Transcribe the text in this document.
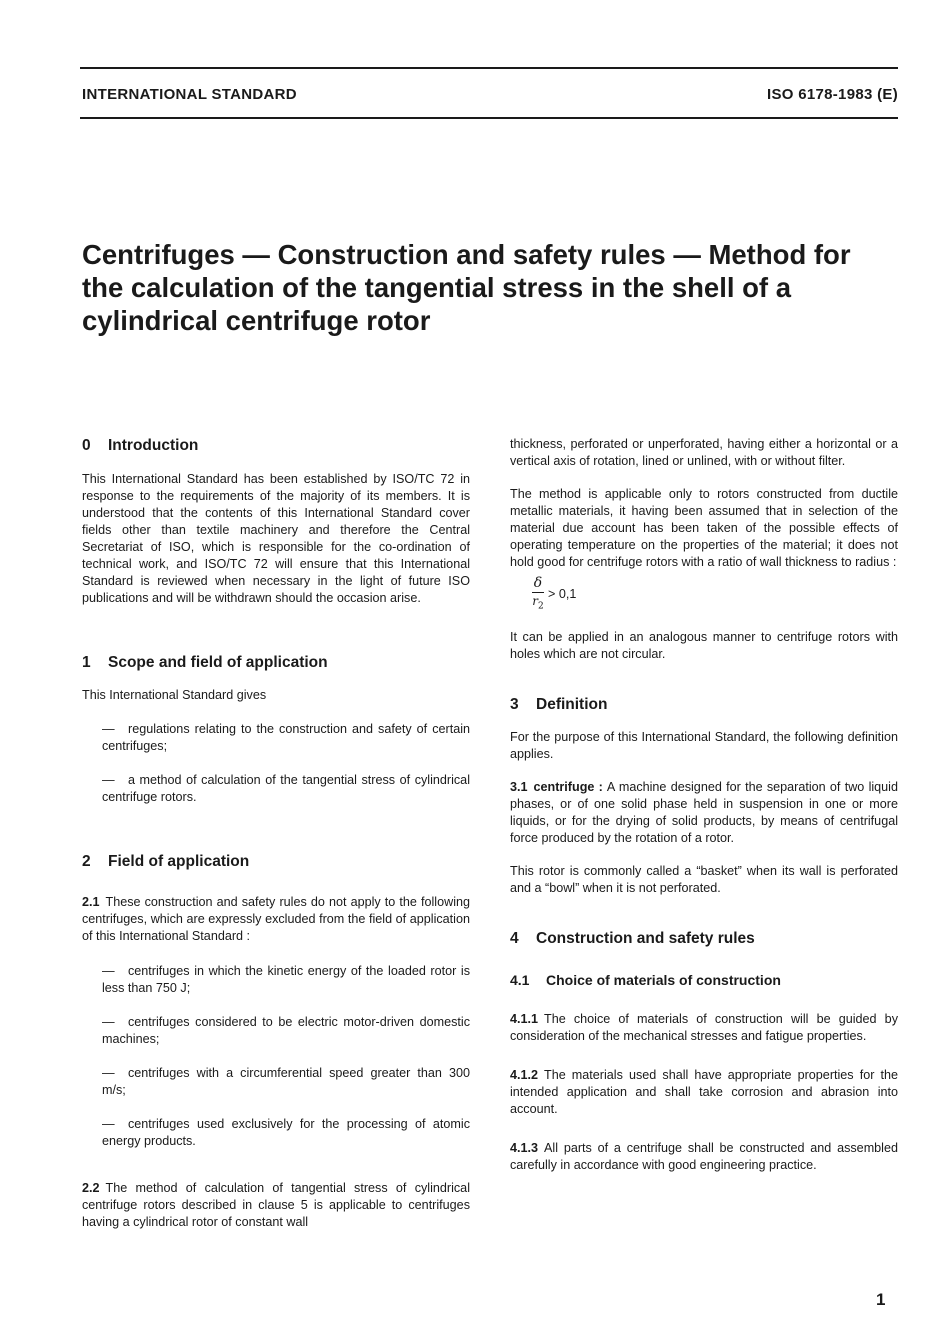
INTERNATIONAL STANDARD	ISO 6178-1983 (E)
Centrifuges — Construction and safety rules — Method for the calculation of the tangential stress in the shell of a cylindrical centrifuge rotor
0 Introduction

This International Standard has been established by ISO/TC 72 in response to the requirements of the majority of its members. It is understood that the contents of this International Standard cover fields other than textile machinery and therefore the Central Secretariat of ISO, which is responsible for the co-ordination of technical work, and ISO/TC 72 will ensure that this International Standard is reviewed when necessary in the light of future ISO publications and will be withdrawn should the occasion arise.

1 Scope and field of application

This International Standard gives

— regulations relating to the construction and safety of certain centrifuges;
— a method of calculation of the tangential stress of cylindrical centrifuge rotors.
2 Field of application

2.1 These construction and safety rules do not apply to the following centrifuges, which are expressly excluded from the field of application of this International Standard :

— centrifuges in which the kinetic energy of the loaded rotor is less than 750 J;
— centrifuges considered to be electric motor-driven domestic machines;
— centrifuges with a circumferential speed greater than 300 m/s;
— centrifuges used exclusively for the processing of atomic energy products.

2.2 The method of calculation of tangential stress of cylindrical centrifuge rotors described in clause 5 is applicable to centrifuges having a cylindrical rotor of constant wall

thickness, perforated or unperforated, having either a horizontal or a vertical axis of rotation, lined or unlined, with or without filter.

The method is applicable only to rotors constructed from ductile metallic materials, it having been assumed that in selection of the material due account has been taken of the possible effects of operating temperature on the properties of the material; it does not hold good for centrifuge rotors with a ratio of wall thickness to radius :

$\frac{\delta}{r_2} > 0,1$

It can be applied in an analogous manner to centrifuge rotors with holes which are not circular.

3 Definition

For the purpose of this International Standard, the following definition applies.

3.1 centrifuge : A machine designed for the separation of two liquid phases, or of one solid phase held in suspension in one or more liquids, or for the drying of solid products, by means of centrifugal force produced by the rotation of a rotor.

This rotor is commonly called a “basket” when its wall is perforated and a “bowl” when it is not perforated.

4 Construction and safety rules
4.1 Choice of materials of construction

4.1.1 The choice of materials of construction will be guided by consideration of the mechanical stresses and fatigue properties.

4.1.2 The materials used shall have appropriate properties for the intended application and shall take corrosion and abrasion into account.

4.1.3 All parts of a centrifuge shall be constructed and assembled carefully in accordance with good engineering practice.

1
